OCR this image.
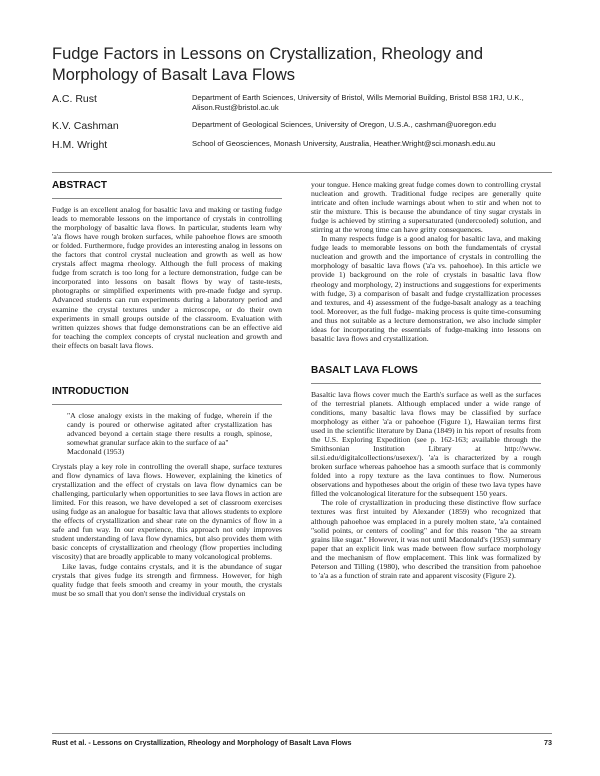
Fudge Factors in Lessons on Crystallization, Rheology and Morphology of Basalt Lava Flows
A.C. Rust	Department of Earth Sciences, University of Bristol, Wills Memorial Building, Bristol BS8 1RJ, U.K., Alison.Rust@bristol.ac.uk
K.V. Cashman	Department of Geological Sciences, University of Oregon, U.S.A., cashman@uoregon.edu
H.M. Wright	School of Geosciences, Monash University, Australia, Heather.Wright@sci.monash.edu.au
ABSTRACT

Fudge is an excellent analog for basaltic lava and making or tasting fudge leads to memorable lessons on the importance of crystals in controlling the morphology of basaltic lava flows. In particular, students learn why 'a'a flows have rough broken surfaces, while pahoehoe flows are smooth or folded. Furthermore, fudge provides an interesting analog in lessons on the factors that control crystal nucleation and growth as well as how crystals affect magma rheology. Although the full process of making fudge from scratch is too long for a lecture demonstration, fudge can be incorporated into lessons on basalt flows by way of taste-tests, photographs or simplified experiments with pre-made fudge and syrup. Advanced students can run experiments during a laboratory period and examine the crystal textures under a microscope, or do their own experiments in small groups outside of the classroom. Evaluation with written quizzes shows that fudge demonstrations can be an effective aid for teaching the complex concepts of crystal nucleation and growth and their effects on basalt lava flows.

INTRODUCTION
"A close analogy exists in the making of fudge, wherein if the candy is poured or otherwise agitated after crystallization has advanced beyond a certain stage there results a rough, spinose, somewhat granular surface akin to the surface of aa"
Macdonald (1953)

Crystals play a key role in controlling the overall shape, surface textures and flow dynamics of lava flows. However, explaining the kinetics of crystallization and the effect of crystals on lava flow dynamics can be challenging, particularly when opportunities to see lava flows in action are limited. For this reason, we have developed a set of classroom exercises using fudge as an analogue for basaltic lava that allows students to explore the effects of crystallization and shear rate on the dynamics of flow in a safe and fun way. In our experience, this approach not only improves student understanding of lava flow dynamics, but also provides them with basic concepts of crystallization and rheology (flow properties including viscosity) that are broadly applicable to many volcanological problems.

Like lavas, fudge contains crystals, and it is the abundance of sugar crystals that gives fudge its strength and firmness. However, for high quality fudge that feels smooth and creamy in your mouth, the crystals must be so small that you don't sense the individual crystals on

your tongue. Hence making great fudge comes down to controlling crystal nucleation and growth. Traditional fudge recipes are generally quite intricate and often include warnings about when to stir and when not to stir the mixture. This is because the abundance of tiny sugar crystals in fudge is achieved by stirring a supersaturated (undercooled) solution, and stirring at the wrong time can have gritty consequences.

In many respects fudge is a good analog for basaltic lava, and making fudge leads to memorable lessons on both the fundamentals of crystal nucleation and growth and the importance of crystals in controlling the morphology of basaltic lava flows ('a'a vs. pahoehoe). In this article we provide 1) background on the role of crystals in basaltic lava flow rheology and morphology, 2) instructions and suggestions for experiments with fudge, 3) a comparison of basalt and fudge crystallization processes and textures, and 4) assessment of the fudge-basalt analogy as a teaching tool. Moreover, as the full fudge- making process is quite time-consuming and thus not suitable as a lecture demonstration, we also include simpler ideas for incorporating the essentials of fudge-making into lessons on basaltic lava flows and crystallization.

BASALT LAVA FLOWS

Basaltic lava flows cover much the Earth's surface as well as the surfaces of the terrestrial planets. Although emplaced under a wide range of conditions, many basaltic lava flows may be classified by surface morphology as either 'a'a or pahoehoe (Figure 1), Hawaiian terms first used in the scientific literature by Dana (1849) in his report of results from the U.S. Exploring Expedition (see p. 162-163; available through the Smithsonian Institution Library at http://www. sil.si.edu/digitalcollections/usexex/). 'a'a is characterized by a rough broken surface whereas pahoehoe has a smooth surface that is commonly folded into a ropy texture as the lava continues to flow. Numerous observations and hypotheses about the origin of these two lava types have filled the volcanological literature for the subsequent 150 years.

The role of crystallization in producing these distinctive flow surface textures was first intuited by Alexander (1859) who recognized that although pahoehoe was emplaced in a purely molten state, 'a'a contained "solid points, or centers of cooling" and for this reason "the aa stream grains like sugar." However, it was not until Macdonald's (1953) summary paper that an explicit link was made between flow surface morphology and the mechanism of flow emplacement. This link was formalized by Peterson and Tilling (1980), who described the transition from pahoehoe to 'a'a as a function of strain rate and apparent viscosity (Figure 2).

Rust et al. - Lessons on Crystallization, Rheology and Morphology of Basalt Lava Flows	73
